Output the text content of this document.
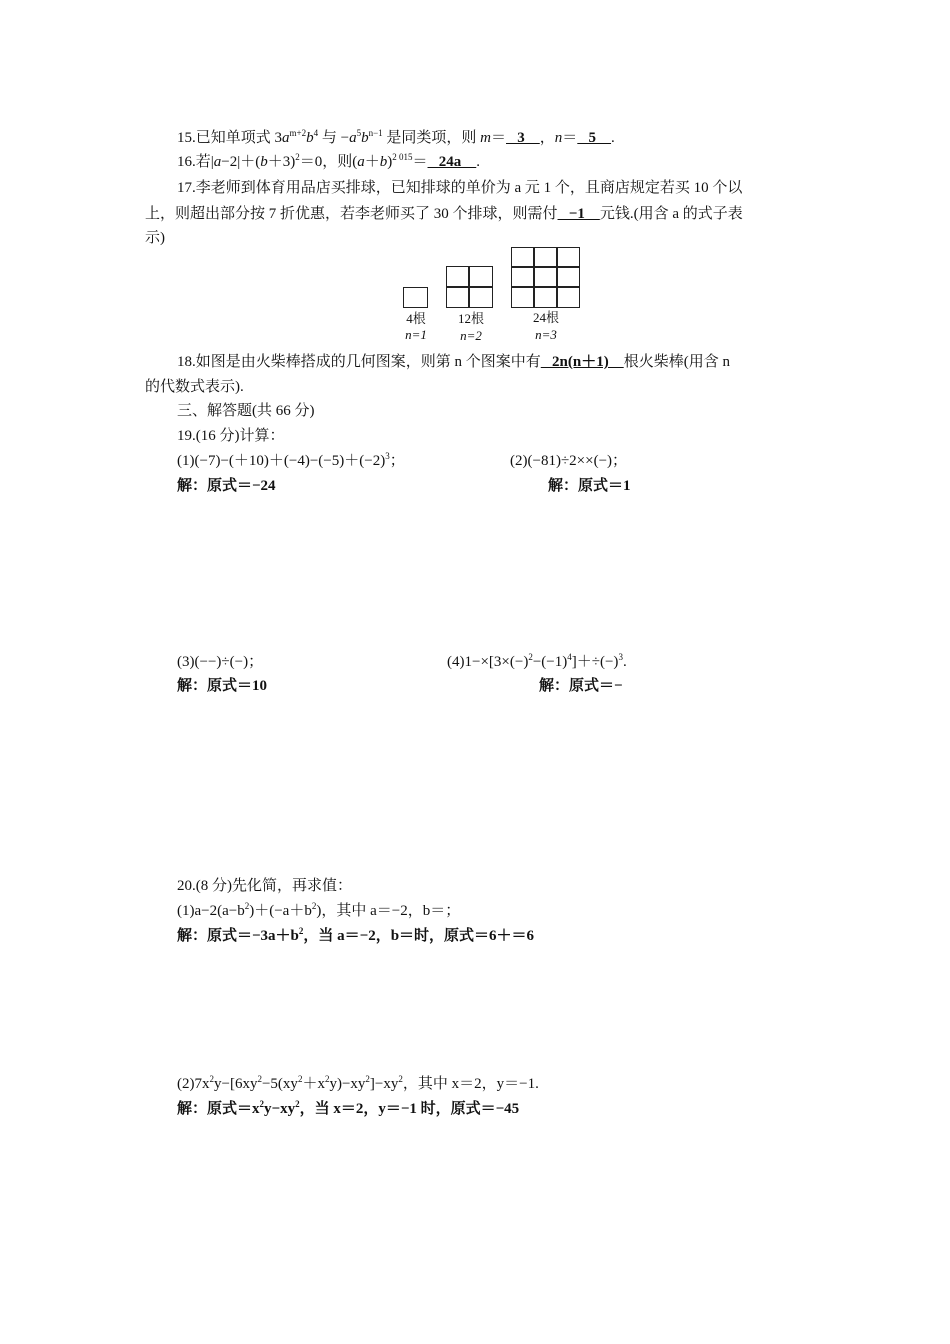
15.已知单项式 $3a^{m+2}b^4$ 与 $-a^5b^{n-1}$ 是同类项，则 m＝   3    ，n＝   5    .
16.若$|a-2|+(b+3)^2=0$，则$(a+b)^{2 015}= 24a$    .
17.李老师到体育用品店买排球，已知排球的单价为 a 元 1 个，且商店规定若买 10 个以
上，则超出部分按 7 折优惠，若李老师买了 30 个排球，则需付   −1    元钱.(用含 a 的式子表
示)
4根
n=1
12根
n=2
24根
n=3
18.如图是由火柴棒搭成的几何图案，则第 n 个图案中有   2n(n＋1)    根火柴棒(用含 n
的代数式表示).
三、解答题(共 66 分)
19.(16 分)计算：
$(1)(-7)-(+10)+(-4)-(-5)+(-2)^3$；	(2)(−81)÷2××(−)；
解：原式＝−24	解：原式＝1
(3)(−−)÷(−)；	$(4)1-\times[3\times(-)^2-(-1)^4]+\div(-)^3$.
解：原式＝10	解：原式＝−
20.(8 分)先化简，再求值：
$(1)a-2(a-b^2)+(-a+b^2)$，其中 a＝−2，b＝；
解：原式$=-3a+b^2$，当 a＝−2，b＝时，原式＝6＋＝6
$(2)7x^2y-[6xy^2-5(xy^2+x^2y)-xy^2]-xy^2$，其中 x＝2，y＝−1.
解：原式$=x^2y-xy^2$，当 x＝2，y＝−1 时，原式＝−45
